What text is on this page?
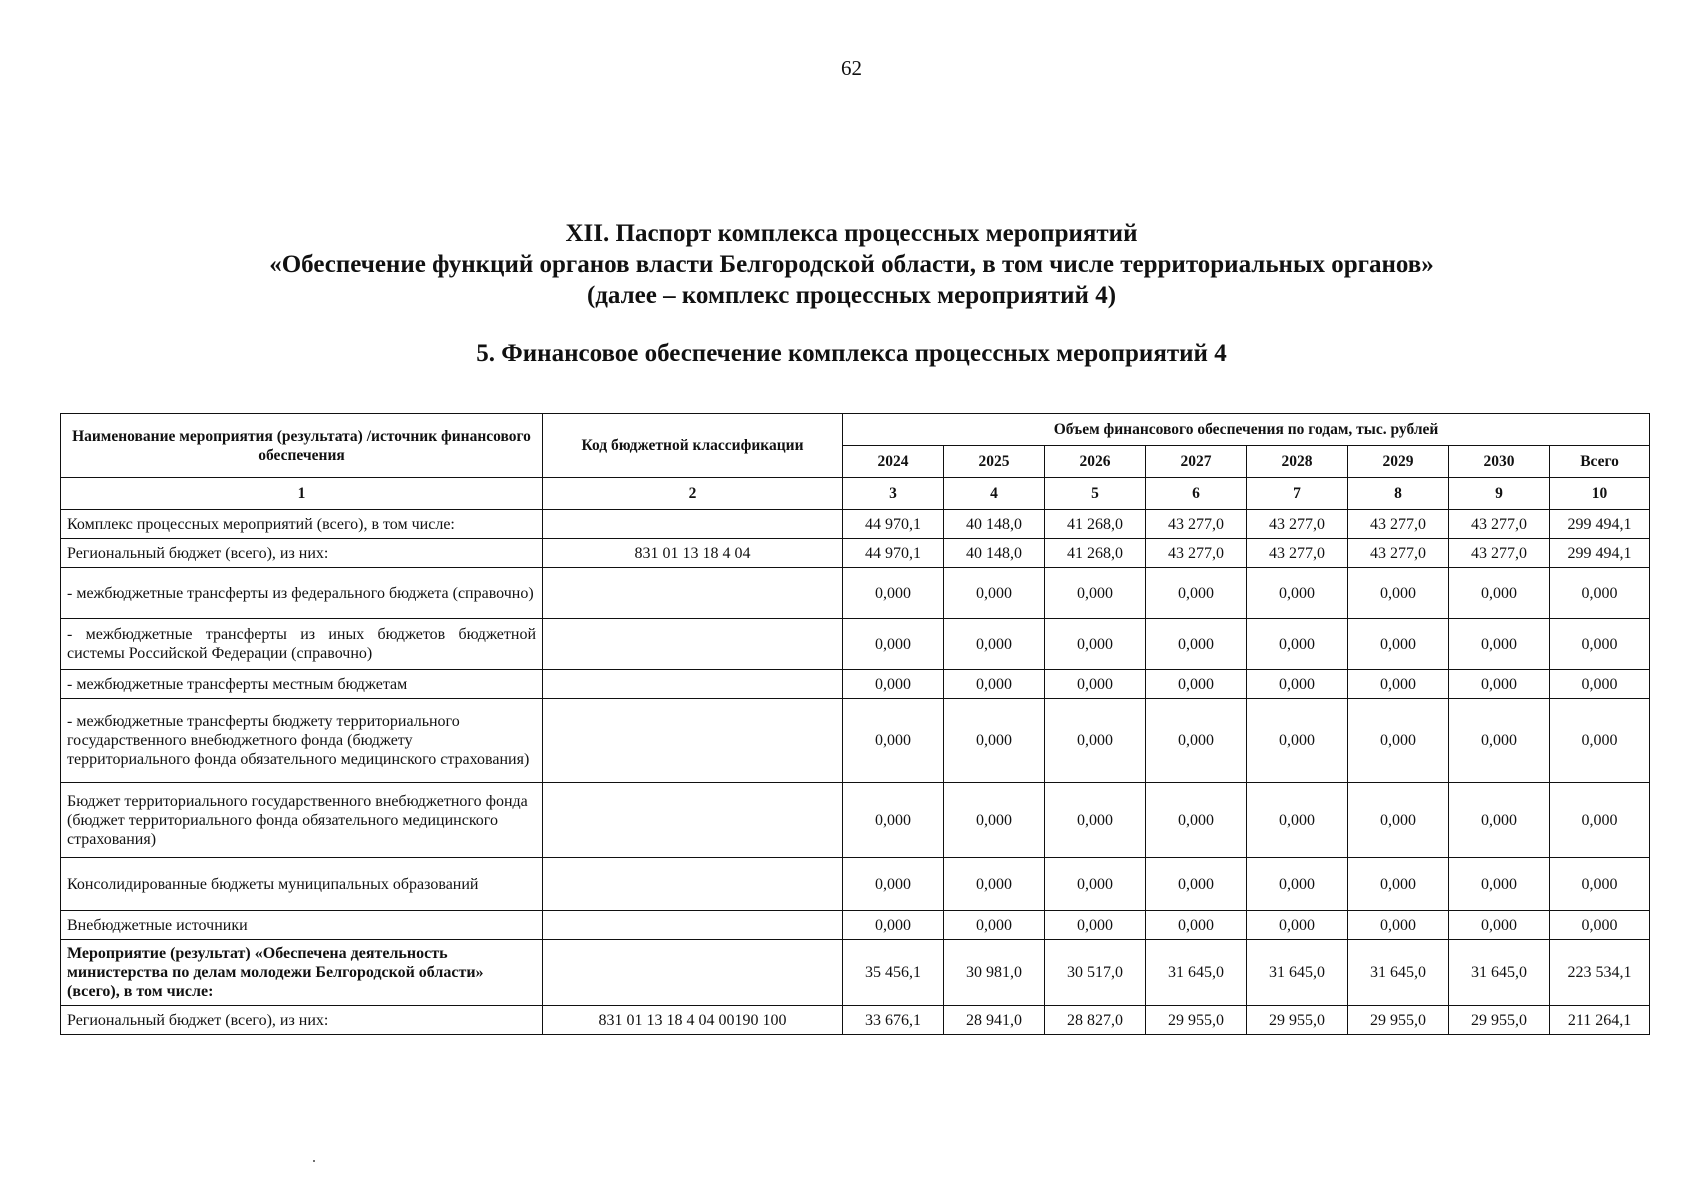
62
XII. Паспорт комплекса процессных мероприятий
«Обеспечение функций органов власти Белгородской области, в том числе территориальных органов»
(далее – комплекс процессных мероприятий 4)
5. Финансовое обеспечение комплекса процессных мероприятий 4
Наименование мероприятия (результата) /источник финансового обеспечения	Код бюджетной классификации	Объем финансового обеспечения по годам, тыс. рублей							
		2024	2025	2026	2027	2028	2029	2030	Всего
1	2	3	4	5	6	7	8	9	10
Комплекс процессных мероприятий (всего), в том числе:		44 970,1	40 148,0	41 268,0	43 277,0	43 277,0	43 277,0	43 277,0	299 494,1
Региональный бюджет (всего), из них:	831 01 13 18 4 04	44 970,1	40 148,0	41 268,0	43 277,0	43 277,0	43 277,0	43 277,0	299 494,1
- межбюджетные трансферты из федерального бюджета (справочно)		0,000	0,000	0,000	0,000	0,000	0,000	0,000	0,000
- межбюджетные трансферты из иных бюджетов бюджетной системы Российской Федерации (справочно)		0,000	0,000	0,000	0,000	0,000	0,000	0,000	0,000
- межбюджетные трансферты местным бюджетам		0,000	0,000	0,000	0,000	0,000	0,000	0,000	0,000
- межбюджетные трансферты бюджету территориального государственного внебюджетного фонда (бюджету территориального фонда обязательного медицинского страхования)		0,000	0,000	0,000	0,000	0,000	0,000	0,000	0,000
Бюджет территориального государственного внебюджетного фонда (бюджет территориального фонда обязательного медицинского страхования)		0,000	0,000	0,000	0,000	0,000	0,000	0,000	0,000
Консолидированные бюджеты муниципальных образований		0,000	0,000	0,000	0,000	0,000	0,000	0,000	0,000
Внебюджетные источники		0,000	0,000	0,000	0,000	0,000	0,000	0,000	0,000
Мероприятие (результат) «Обеспечена деятельность министерства по делам молодежи Белгородской области» (всего), в том числе:		35 456,1	30 981,0	30 517,0	31 645,0	31 645,0	31 645,0	31 645,0	223 534,1
Региональный бюджет (всего), из них:	831 01 13 18 4 04 00190 100	33 676,1	28 941,0	28 827,0	29 955,0	29 955,0	29 955,0	29 955,0	211 264,1
